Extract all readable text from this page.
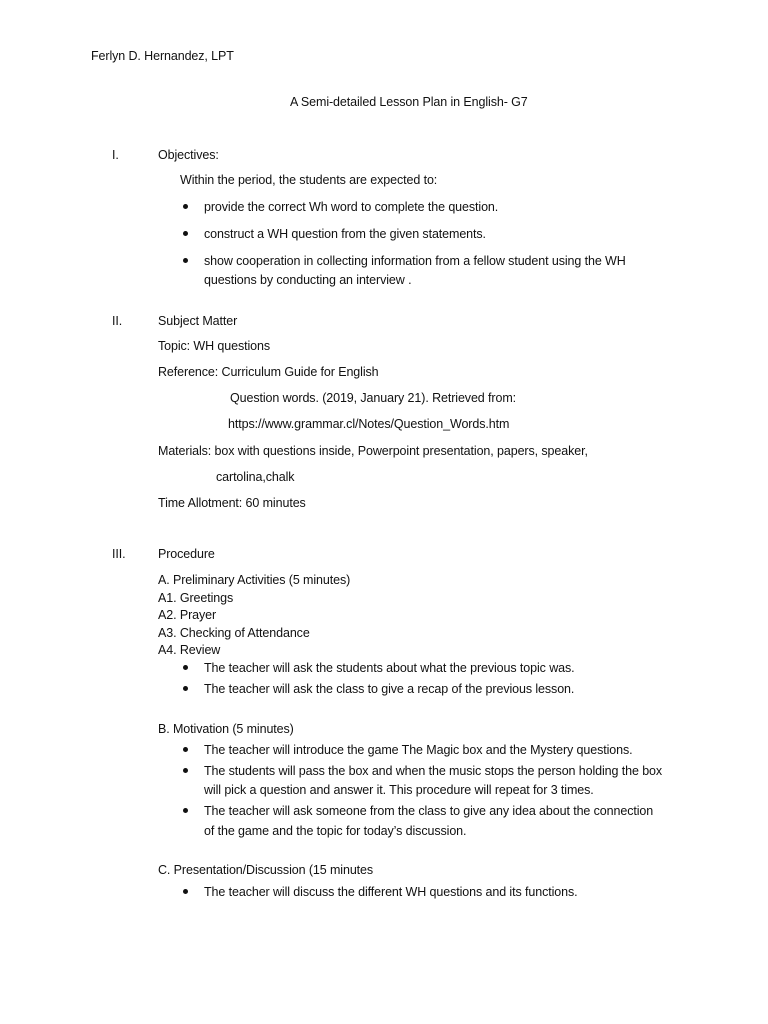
Ferlyn D. Hernandez, LPT
A Semi-detailed Lesson Plan in English- G7
I.	Objectives:
Within the period, the students are expected to:
provide the correct Wh word to complete the question.
construct a WH question from the given statements.
show cooperation in collecting information from a fellow student using the WH
questions by conducting an interview .
II.	Subject Matter
Topic: WH questions
Reference: Curriculum Guide for English
Question words. (2019, January 21). Retrieved from:
https://www.grammar.cl/Notes/Question_Words.htm
Materials: box with questions inside, Powerpoint presentation, papers, speaker,
cartolina,chalk
Time Allotment: 60 minutes
III.	Procedure
A. Preliminary Activities (5 minutes)
A1. Greetings
A2. Prayer
A3. Checking of Attendance
A4. Review
The teacher will ask the students about what the previous topic was.
The teacher will ask the class to give a recap of the previous lesson.
B. Motivation (5 minutes)
The teacher will introduce the game The Magic box and the Mystery questions.
The students will pass the box and when the music stops the person holding the box
will pick a question and answer it. This procedure will repeat for 3 times.
The teacher will ask someone from the class to give any idea about the connection
of the game and the topic for today’s discussion.
C. Presentation/Discussion (15 minutes
The teacher will discuss the different WH questions and its functions.
